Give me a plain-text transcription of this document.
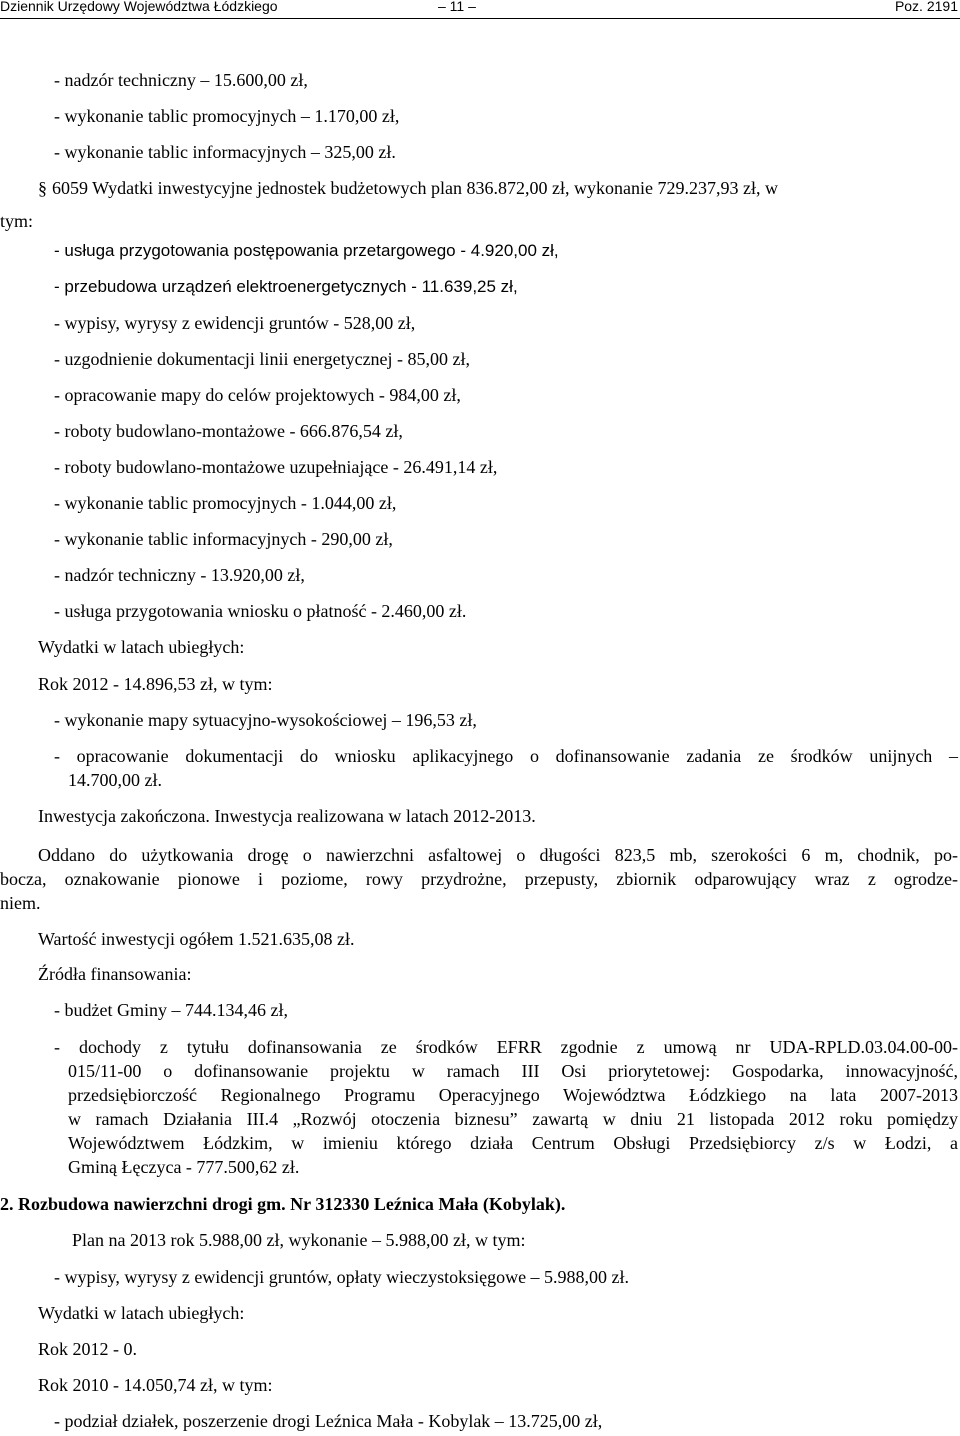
Dziennik Urzędowy Województwa Łódzkiego	– 11 –	Poz. 2191
- nadzór techniczny – 15.600,00 zł,
- wykonanie tablic promocyjnych – 1.170,00 zł,
- wykonanie tablic informacyjnych – 325,00 zł.
§ 6059 Wydatki inwestycyjne jednostek budżetowych plan 836.872,00 zł, wykonanie 729.237,93 zł, w
tym:
- usługa przygotowania postępowania przetargowego - 4.920,00 zł,
- przebudowa urządzeń elektroenergetycznych - 11.639,25 zł,
- wypisy, wyrysy z ewidencji gruntów - 528,00 zł,
- uzgodnienie dokumentacji linii energetycznej - 85,00 zł,
- opracowanie mapy do celów projektowych - 984,00 zł,
- roboty budowlano-montażowe - 666.876,54 zł,
- roboty budowlano-montażowe uzupełniające - 26.491,14 zł,
- wykonanie tablic promocyjnych - 1.044,00 zł,
- wykonanie tablic informacyjnych - 290,00 zł,
- nadzór techniczny - 13.920,00 zł,
- usługa przygotowania wniosku o płatność - 2.460,00 zł.
Wydatki w latach ubiegłych:
Rok 2012 - 14.896,53 zł, w tym:
- wykonanie mapy sytuacyjno-wysokościowej – 196,53 zł,
- opracowanie dokumentacji do wniosku aplikacyjnego o dofinansowanie zadania ze środków unijnych –
14.700,00 zł.
Inwestycja zakończona. Inwestycja realizowana w latach 2012-2013.
Oddano do użytkowania drogę o nawierzchni asfaltowej o długości 823,5 mb, szerokości 6 m, chodnik, po-
bocza, oznakowanie pionowe i poziome, rowy przydrożne, przepusty, zbiornik odparowujący wraz z ogrodze-
niem.
Wartość inwestycji ogółem 1.521.635,08 zł.
Źródła finansowania:
- budżet Gminy – 744.134,46 zł,
- dochody z tytułu dofinansowania ze środków EFRR zgodnie z umową nr UDA-RPLD.03.04.00-00-
015/11-00 o dofinansowanie projektu w ramach III Osi priorytetowej: Gospodarka, innowacyjność,
przedsiębiorczość Regionalnego Programu Operacyjnego Województwa Łódzkiego na lata 2007-2013
w ramach Działania III.4 „Rozwój otoczenia biznesu” zawartą w dniu 21 listopada 2012 roku pomiędzy
Województwem Łódzkim, w imieniu którego działa Centrum Obsługi Przedsiębiorcy z/s w Łodzi, a
Gminą Łęczyca - 777.500,62 zł.
2. Rozbudowa nawierzchni drogi gm. Nr 312330 Leźnica Mała (Kobylak).
Plan na 2013 rok 5.988,00 zł, wykonanie – 5.988,00 zł, w tym:
- wypisy, wyrysy z ewidencji gruntów, opłaty wieczystoksięgowe – 5.988,00 zł.
Wydatki w latach ubiegłych:
Rok 2012 - 0.
Rok 2010 - 14.050,74 zł, w tym:
- podział działek, poszerzenie drogi Leźnica Mała - Kobylak – 13.725,00 zł,
